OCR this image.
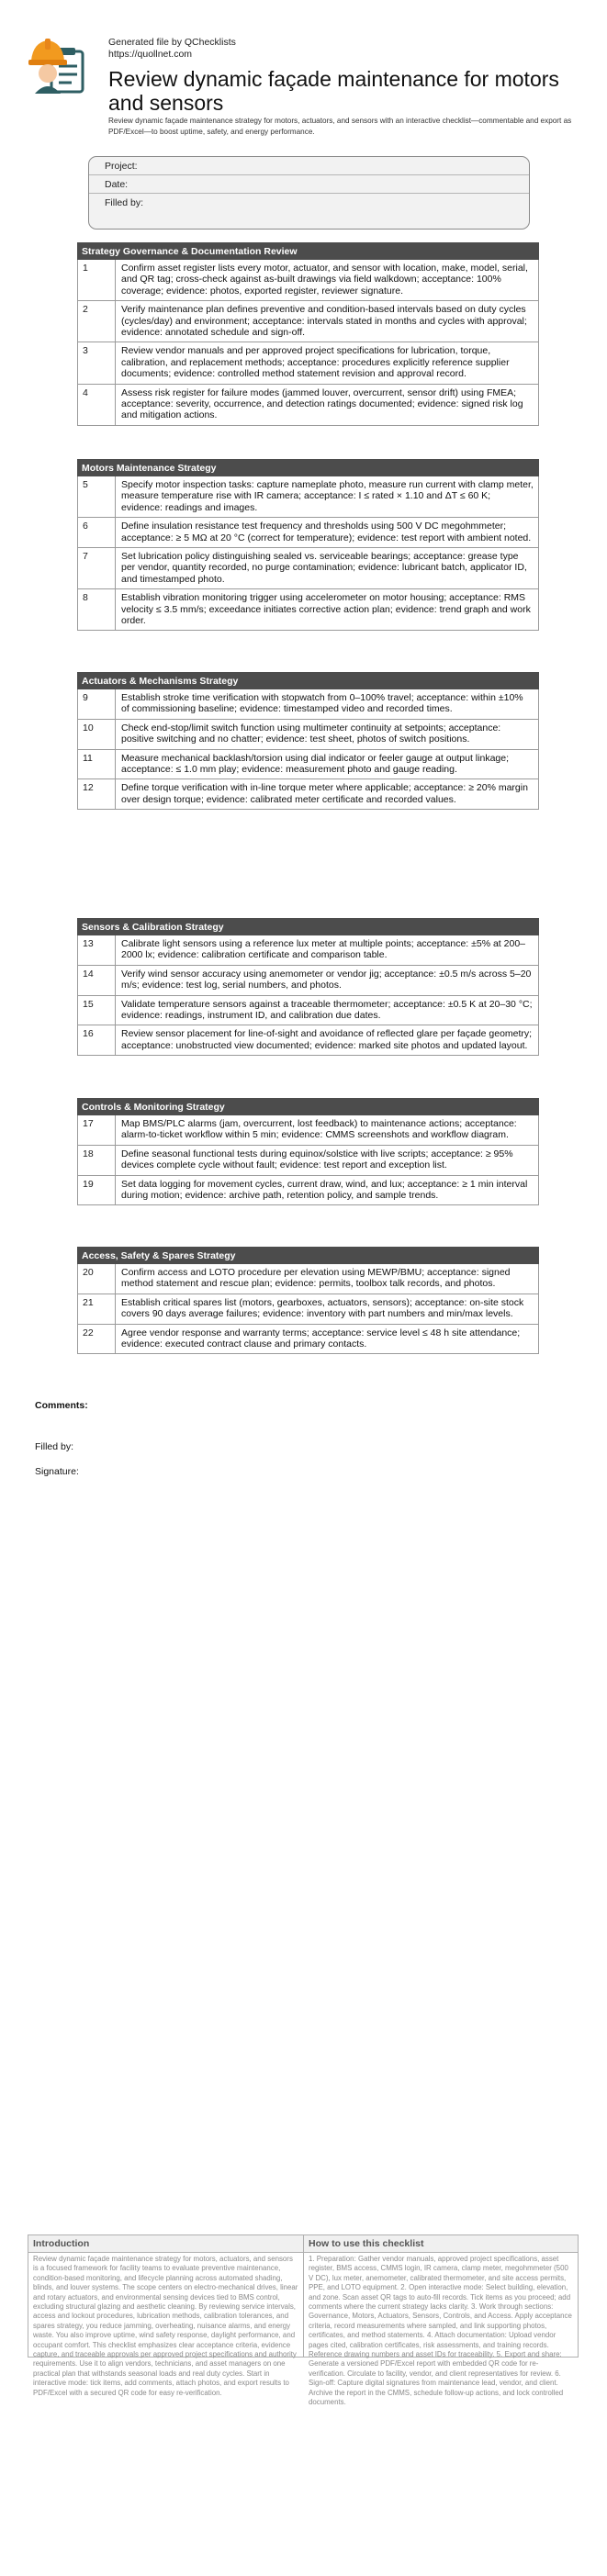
Generated file by QChecklists
https://quollnet.com
Review dynamic façade maintenance for motors and sensors
Review dynamic façade maintenance strategy for motors, actuators, and sensors with an interactive checklist—commentable and export as PDF/Excel—to boost uptime, safety, and energy performance.
Project:
Date:
Filled by:
Strategy Governance & Documentation Review
1	Confirm asset register lists every motor, actuator, and sensor with location, make, model, serial, and QR tag; cross-check against as-built drawings via field walkdown; acceptance: 100% coverage; evidence: photos, exported register, reviewer signature.
2	Verify maintenance plan defines preventive and condition-based intervals based on duty cycles (cycles/day) and environment; acceptance: intervals stated in months and cycles with approval; evidence: annotated schedule and sign-off.
3	Review vendor manuals and per approved project specifications for lubrication, torque, calibration, and replacement methods; acceptance: procedures explicitly reference supplier documents; evidence: controlled method statement revision and approval record.
4	Assess risk register for failure modes (jammed louver, overcurrent, sensor drift) using FMEA; acceptance: severity, occurrence, and detection ratings documented; evidence: signed risk log and mitigation actions.
Motors Maintenance Strategy
5	Specify motor inspection tasks: capture nameplate photo, measure run current with clamp meter, measure temperature rise with IR camera; acceptance: I ≤ rated × 1.10 and ΔT ≤ 60 K; evidence: readings and images.
6	Define insulation resistance test frequency and thresholds using 500 V DC megohmmeter; acceptance: ≥ 5 MΩ at 20 °C (correct for temperature); evidence: test report with ambient noted.
7	Set lubrication policy distinguishing sealed vs. serviceable bearings; acceptance: grease type per vendor, quantity recorded, no purge contamination; evidence: lubricant batch, applicator ID, and timestamped photo.
8	Establish vibration monitoring trigger using accelerometer on motor housing; acceptance: RMS velocity ≤ 3.5 mm/s; exceedance initiates corrective action plan; evidence: trend graph and work order.
Actuators & Mechanisms Strategy
9	Establish stroke time verification with stopwatch from 0–100% travel; acceptance: within ±10% of commissioning baseline; evidence: timestamped video and recorded times.
10	Check end-stop/limit switch function using multimeter continuity at setpoints; acceptance: positive switching and no chatter; evidence: test sheet, photos of switch positions.
11	Measure mechanical backlash/torsion using dial indicator or feeler gauge at output linkage; acceptance: ≤ 1.0 mm play; evidence: measurement photo and gauge reading.
12	Define torque verification with in-line torque meter where applicable; acceptance: ≥ 20% margin over design torque; evidence: calibrated meter certificate and recorded values.
Sensors & Calibration Strategy
13	Calibrate light sensors using a reference lux meter at multiple points; acceptance: ±5% at 200–2000 lx; evidence: calibration certificate and comparison table.
14	Verify wind sensor accuracy using anemometer or vendor jig; acceptance: ±0.5 m/s across 5–20 m/s; evidence: test log, serial numbers, and photos.
15	Validate temperature sensors against a traceable thermometer; acceptance: ±0.5 K at 20–30 °C; evidence: readings, instrument ID, and calibration due dates.
16	Review sensor placement for line-of-sight and avoidance of reflected glare per façade geometry; acceptance: unobstructed view documented; evidence: marked site photos and updated layout.
Controls & Monitoring Strategy
17	Map BMS/PLC alarms (jam, overcurrent, lost feedback) to maintenance actions; acceptance: alarm-to-ticket workflow within 5 min; evidence: CMMS screenshots and workflow diagram.
18	Define seasonal functional tests during equinox/solstice with live scripts; acceptance: ≥ 95% devices complete cycle without fault; evidence: test report and exception list.
19	Set data logging for movement cycles, current draw, wind, and lux; acceptance: ≥ 1 min interval during motion; evidence: archive path, retention policy, and sample trends.
Access, Safety & Spares Strategy
20	Confirm access and LOTO procedure per elevation using MEWP/BMU; acceptance: signed method statement and rescue plan; evidence: permits, toolbox talk records, and photos.
21	Establish critical spares list (motors, gearboxes, actuators, sensors); acceptance: on-site stock covers 90 days average failures; evidence: inventory with part numbers and min/max levels.
22	Agree vendor response and warranty terms; acceptance: service level ≤ 48 h site attendance; evidence: executed contract clause and primary contacts.
Comments:
Filled by:
Signature:
Introduction
Review dynamic façade maintenance strategy for motors, actuators, and sensors is a focused framework for facility teams to evaluate preventive maintenance, condition-based monitoring, and lifecycle planning across automated shading, blinds, and louver systems. The scope centers on electro-mechanical drives, linear and rotary actuators, and environmental sensing devices tied to BMS control, excluding structural glazing and aesthetic cleaning. By reviewing service intervals, access and lockout procedures, lubrication methods, calibration tolerances, and spares strategy, you reduce jamming, overheating, nuisance alarms, and energy waste. You also improve uptime, wind safety response, daylight performance, and occupant comfort. This checklist emphasizes clear acceptance criteria, evidence capture, and traceable approvals per approved project specifications and authority requirements. Use it to align vendors, technicians, and asset managers on one practical plan that withstands seasonal loads and real duty cycles. Start in interactive mode: tick items, add comments, attach photos, and export results to PDF/Excel with a secured QR code for easy re-verification.
How to use this checklist
1. Preparation: Gather vendor manuals, approved project specifications, asset register, BMS access, CMMS login, IR camera, clamp meter, megohmmeter (500 V DC), lux meter, anemometer, calibrated thermometer, and site access permits, PPE, and LOTO equipment. 2. Open interactive mode: Select building, elevation, and zone. Scan asset QR tags to auto-fill records. Tick items as you proceed; add comments where the current strategy lacks clarity. 3. Work through sections: Governance, Motors, Actuators, Sensors, Controls, and Access. Apply acceptance criteria, record measurements where sampled, and link supporting photos, certificates, and method statements. 4. Attach documentation: Upload vendor pages cited, calibration certificates, risk assessments, and training records. Reference drawing numbers and asset IDs for traceability. 5. Export and share: Generate a versioned PDF/Excel report with embedded QR code for re-verification. Circulate to facility, vendor, and client representatives for review. 6. Sign-off: Capture digital signatures from maintenance lead, vendor, and client. Archive the report in the CMMS, schedule follow-up actions, and lock controlled documents.
